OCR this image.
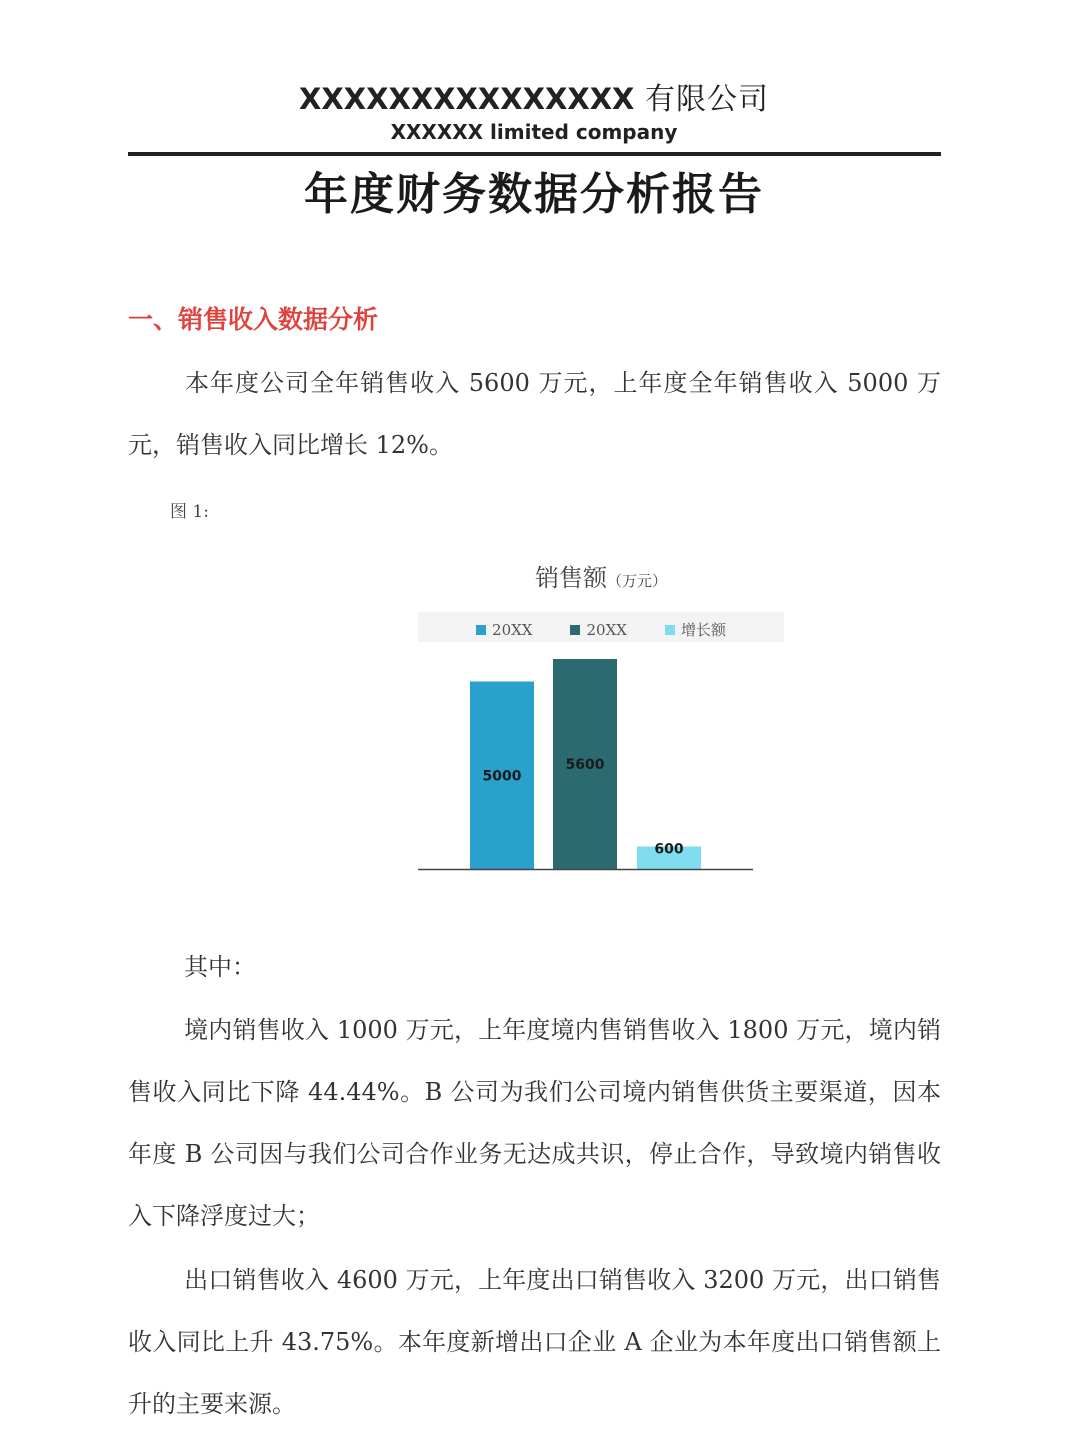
XXXXXXXXXXXXXXX 有限公司
XXXXXX limited company
年度财务数据分析报告
一、销售收入数据分析
本年度公司全年销售收入 5600 万元，上年度全年销售收入 5000 万元，销售收入同比增长 12%。
图 1:
销售额（万元）
20XX	20XX	增长额
5000
5600
600
其中：
境内销售收入 1000 万元，上年度境内售销售收入 1800 万元，境内销售收入同比下降 44.44%。B 公司为我们公司境内销售供货主要渠道，因本年度 B 公司因与我们公司合作业务无达成共识，停止合作，导致境内销售收入下降浮度过大；
出口销售收入 4600 万元，上年度出口销售收入 3200 万元，出口销售收入同比上升 43.75%。本年度新增出口企业 A 企业为本年度出口销售额上升的主要来源。
